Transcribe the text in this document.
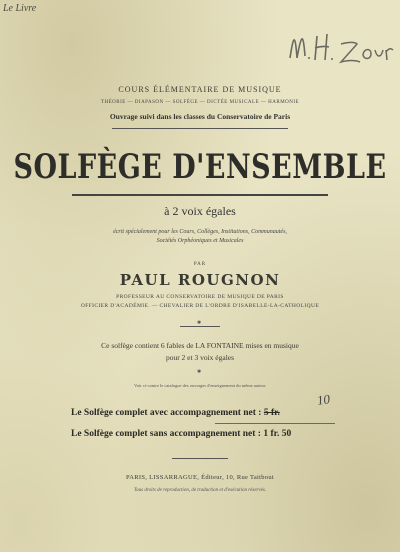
Le Livre
COURS ÉLÉMENTAIRE DE MUSIQUE
THÉORIE — DIAPASON — SOLFÈGE — DICTÉE MUSICALE — HARMONIE
Ouvrage suivi dans les classes du Conservatoire de Paris
SOLFÈGE D'ENSEMBLE
à 2 voix égales
écrit spécialement pour les Cours, Collèges, Institutions, Communautés,
Sociétés Orphéoniques et Musicales
PAR
PAUL ROUGNON
PROFESSEUR AU CONSERVATOIRE DE MUSIQUE DE PARIS
OFFICIER D'ACADÉMIE. — CHEVALIER DE L'ORDRE D'ISABELLE-LA-CATHOLIQUE
✱
Ce solfège contient 6 fables de LA FONTAINE mises en musique
pour 2 et 3 voix égales
✱
Voir ci-contre le catalogue des ouvrages d'enseignement du même auteur.
Le Solfège complet avec accompagnement net : 5 fr.
10
Le Solfège complet sans accompagnement net : 1 fr. 50
PARIS, LISSARRAGUE, Éditeur, 10, Rue Taitbout
Tous droits de reproduction, de traduction et d'exécution réservés.
